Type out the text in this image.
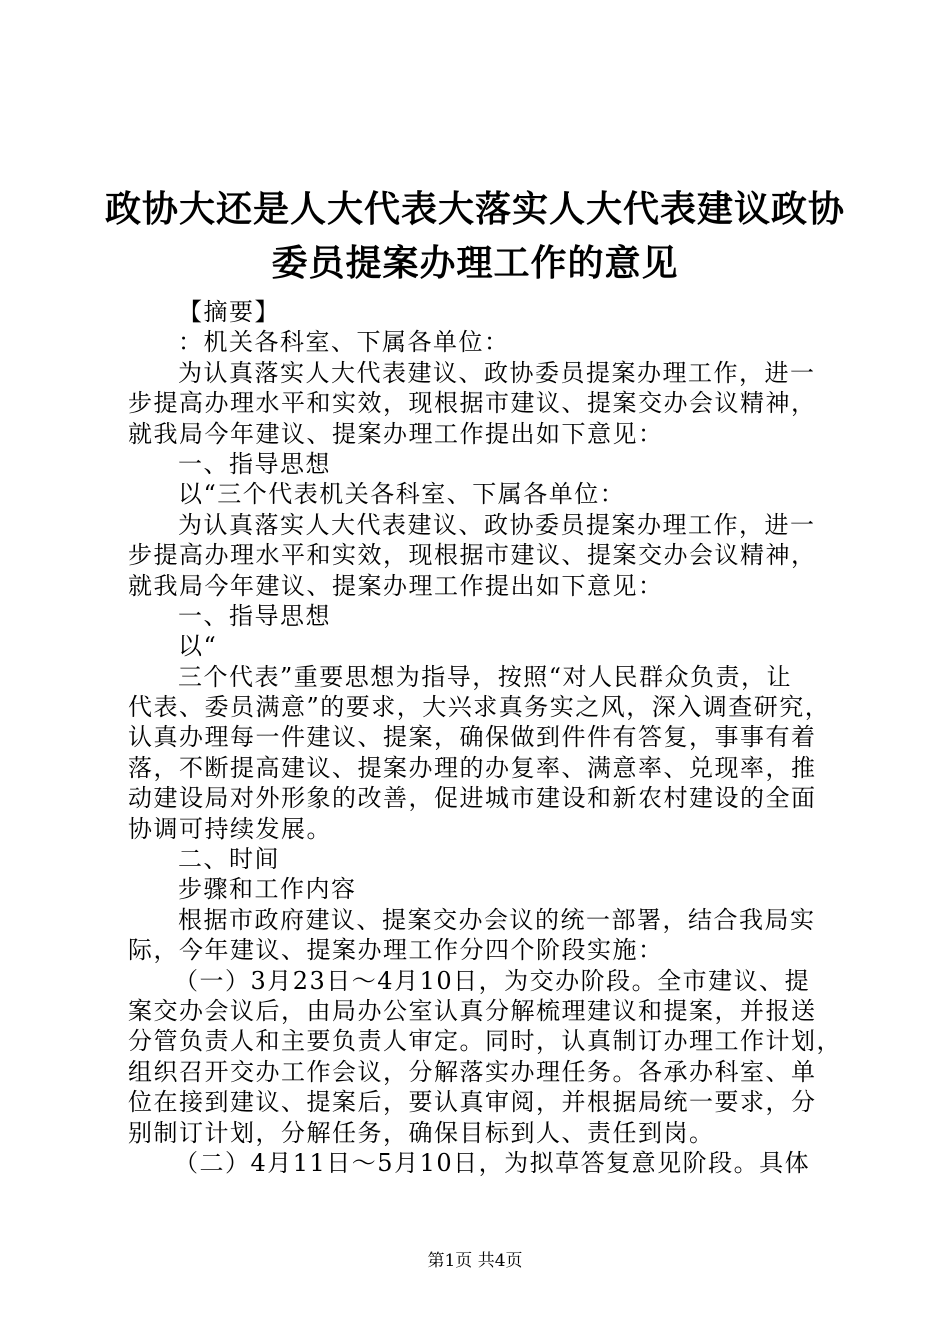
政协大还是人大代表大落实人大代表建议政协
委员提案办理工作的意见
【摘要】
：机关各科室、下属各单位：
为认真落实人大代表建议、政协委员提案办理工作，进一
步提高办理水平和实效，现根据市建议、提案交办会议精神，
就我局今年建议、提案办理工作提出如下意见：
一、指导思想
以“三个代表机关各科室、下属各单位：
为认真落实人大代表建议、政协委员提案办理工作，进一
步提高办理水平和实效，现根据市建议、提案交办会议精神，
就我局今年建议、提案办理工作提出如下意见：
一、指导思想
以“
三个代表”重要思想为指导，按照“对人民群众负责，让
代表、委员满意”的要求，大兴求真务实之风，深入调查研究，
认真办理每一件建议、提案，确保做到件件有答复，事事有着
落，不断提高建议、提案办理的办复率、满意率、兑现率，推
动建设局对外形象的改善，促进城市建设和新农村建设的全面
协调可持续发展。
二、时间
步骤和工作内容
根据市政府建议、提案交办会议的统一部署，结合我局实
际，今年建议、提案办理工作分四个阶段实施：
（一）3月23日～4月10日，为交办阶段。全市建议、提
案交办会议后，由局办公室认真分解梳理建议和提案，并报送
分管负责人和主要负责人审定。同时，认真制订办理工作计划，
组织召开交办工作会议，分解落实办理任务。各承办科室、单
位在接到建议、提案后，要认真审阅，并根据局统一要求，分
别制订计划，分解任务，确保目标到人、责任到岗。
（二）4月11日～5月10日，为拟草答复意见阶段。具体
第1页 共4页
